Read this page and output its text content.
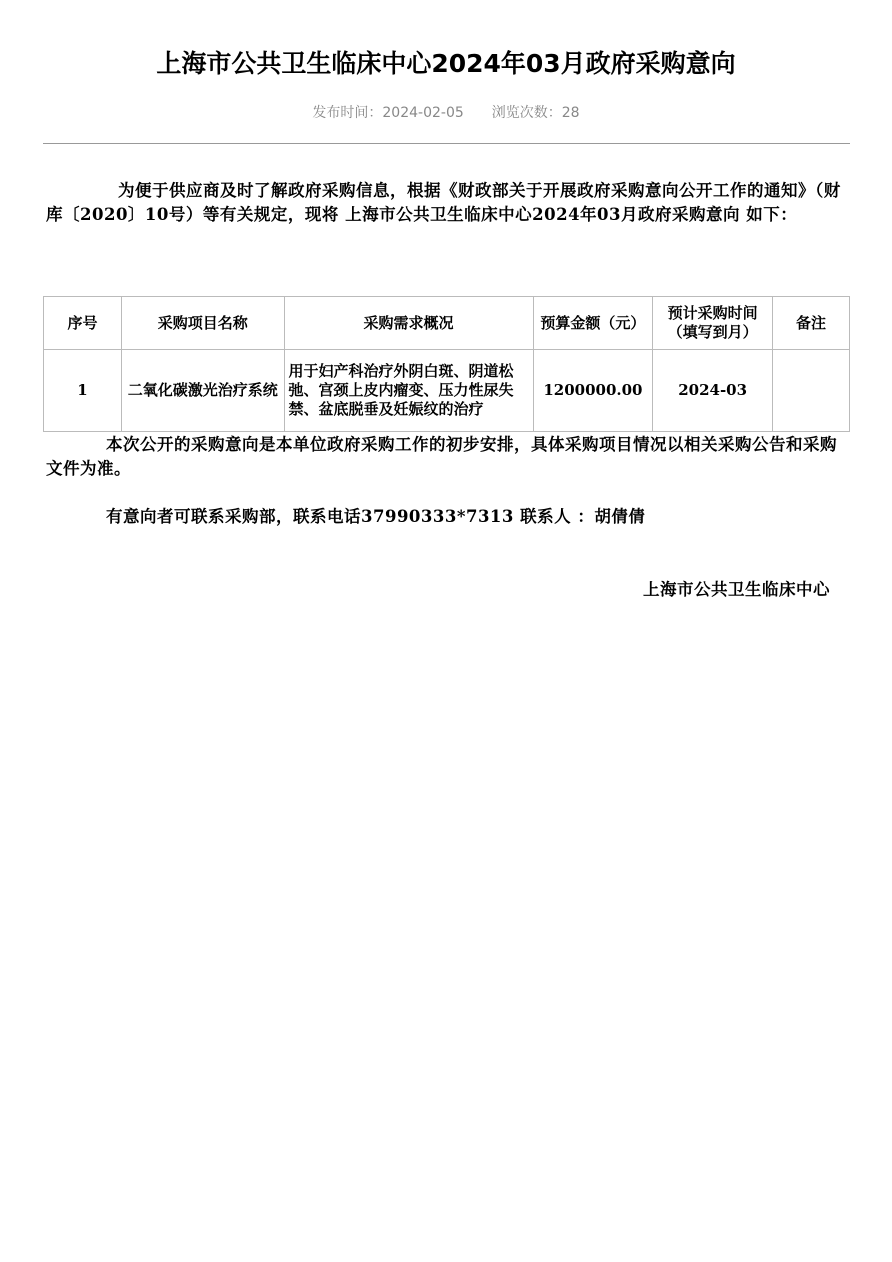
上海市公共卫生临床中心2024年03月政府采购意向
发布时间：2024-02-05 浏览次数：28
为便于供应商及时了解政府采购信息，根据《财政部关于开展政府采购意向公开工作的通知》（财库〔2020〕10号）等有关规定，现将 上海市公共卫生临床中心2024年03月政府采购意向 如下：
序号	采购项目名称	采购需求概况	预算金额（元）	预计采购时间（填写到月）	备注
1	二氧化碳激光治疗系统	用于妇产科治疗外阴白斑、阴道松弛、宫颈上皮内瘤变、压力性尿失禁、盆底脱垂及妊娠纹的治疗	1200000.00	2024-03	
本次公开的采购意向是本单位政府采购工作的初步安排，具体采购项目情况以相关采购公告和采购文件为准。
有意向者可联系采购部，联系电话37990333*7313 联系人 ：胡倩倩
上海市公共卫生临床中心
